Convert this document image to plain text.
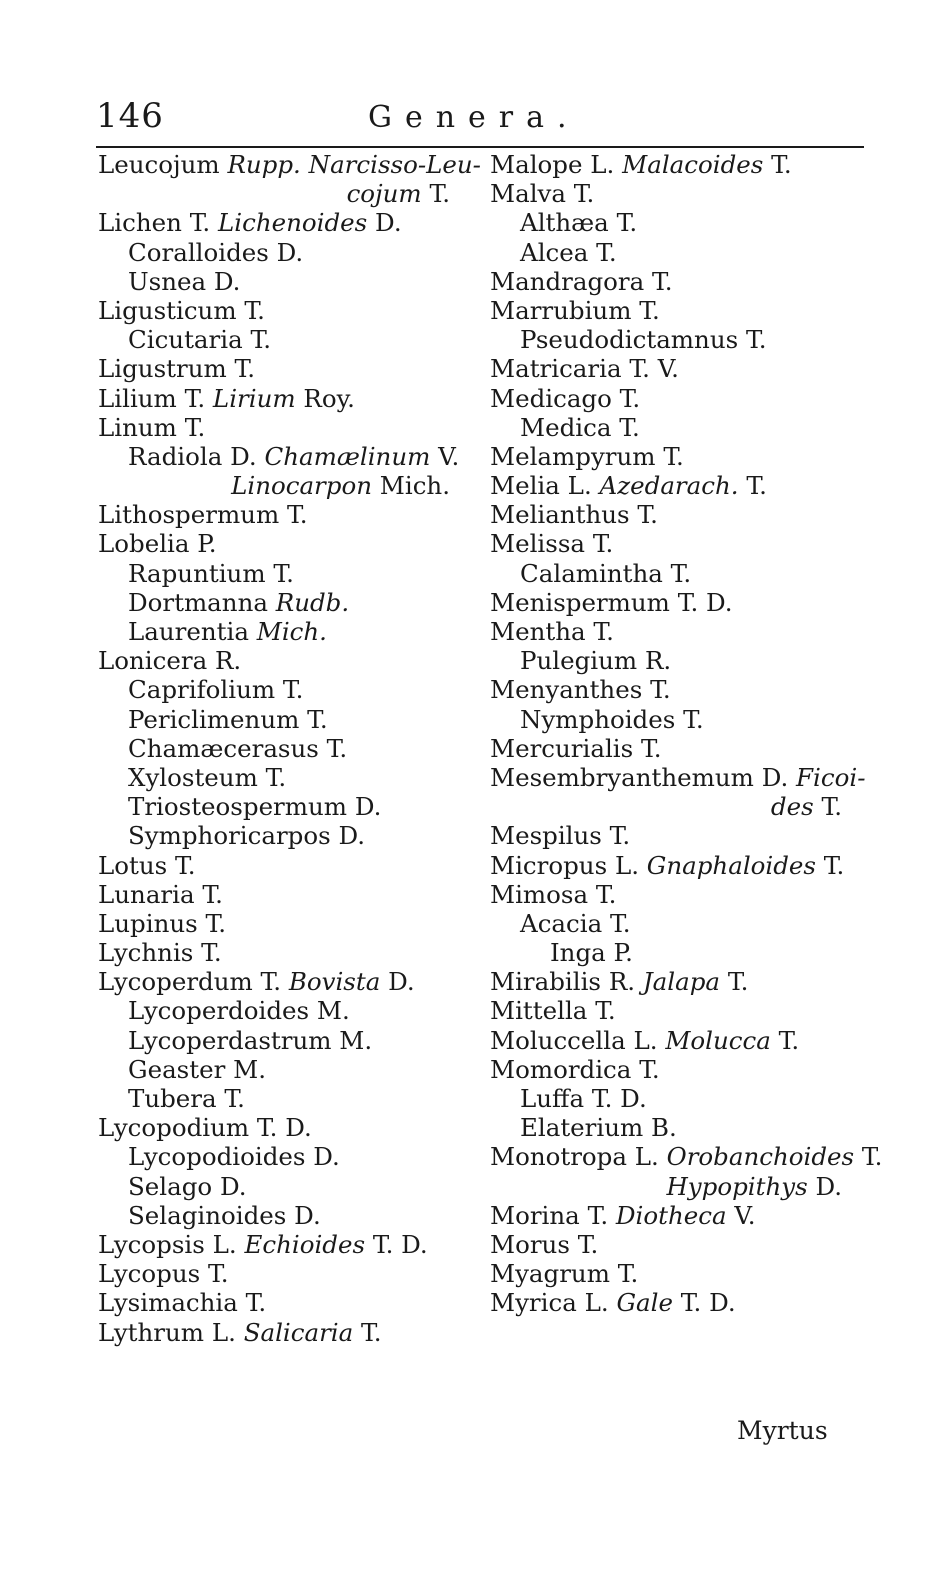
146	Genera.
Leucojum Rupp. Narcisso-Leu-
cojum T.
Lichen T. Lichenoides D.
Coralloides D.
Usnea D.
Ligusticum T.
Cicutaria T.
Ligustrum T.
Lilium T. Lirium Roy.
Linum T.
Radiola D. Chamælinum V.
Linocarpon Mich.
Lithospermum T.
Lobelia P.
Rapuntium T.
Dortmanna Rudb.
Laurentia Mich.
Lonicera R.
Caprifolium T.
Periclimenum T.
Chamæcerasus T.
Xylosteum T.
Triosteospermum D.
Symphoricarpos D.
Lotus T.
Lunaria T.
Lupinus T.
Lychnis T.
Lycoperdum T. Bovista D.
Lycoperdoides M.
Lycoperdastrum M.
Geaster M.
Tubera T.
Lycopodium T. D.
Lycopodioides D.
Selago D.
Selaginoides D.
Lycopsis L. Echioides T. D.
Lycopus T.
Lysimachia T.
Lythrum L. Salicaria T.
Malope L. Malacoides T.
Malva T.
Althæa T.
Alcea T.
Mandragora T.
Marrubium T.
Pseudodictamnus T.
Matricaria T. V.
Medicago T.
Medica T.
Melampyrum T.
Melia L. Azedarach. T.
Melianthus T.
Melissa T.
Calamintha T.
Menispermum T. D.
Mentha T.
Pulegium R.
Menyanthes T.
Nymphoides T.
Mercurialis T.
Mesembryanthemum D. Ficoi-
des T.
Mespilus T.
Micropus L. Gnaphaloides T.
Mimosa T.
Acacia T.
Inga P.
Mirabilis R. Jalapa T.
Mittella T.
Moluccella L. Molucca T.
Momordica T.
Luffa T. D.
Elaterium B.
Monotropa L. Orobanchoides T.
Hypopithys D.
Morina T. Diotheca V.
Morus T.
Myagrum T.
Myrica L. Gale T. D.
Myrtus
